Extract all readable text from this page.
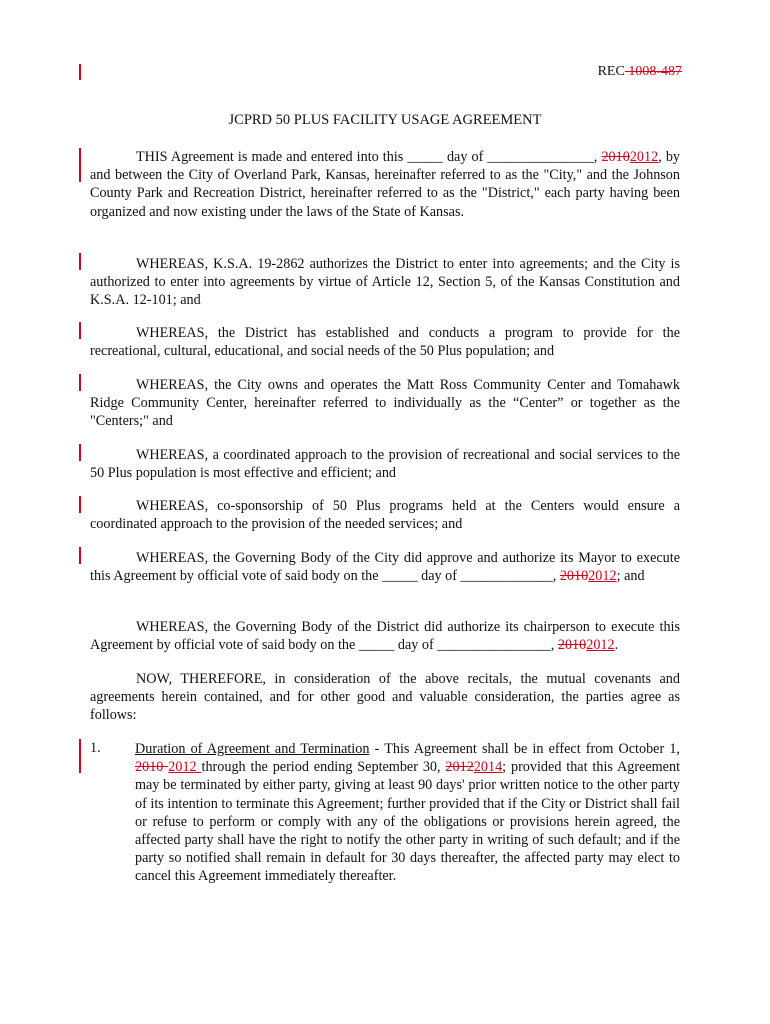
REC 1008-487
JCPRD 50 PLUS FACILITY USAGE AGREEMENT
THIS Agreement is made and entered into this _____ day of _______________, 20102012, by and between the City of Overland Park, Kansas, hereinafter referred to as the "City," and the Johnson County Park and Recreation District, hereinafter referred to as the "District," each party having been organized and now existing under the laws of the State of Kansas.
WHEREAS, K.S.A. 19-2862 authorizes the District to enter into agreements; and the City is authorized to enter into agreements by virtue of Article 12, Section 5, of the Kansas Constitution and K.S.A. 12-101; and
WHEREAS, the District has established and conducts a program to provide for the recreational, cultural, educational, and social needs of the 50 Plus population; and
WHEREAS, the City owns and operates the Matt Ross Community Center and Tomahawk Ridge Community Center, hereinafter referred to individually as the “Center” or together as the "Centers;" and
WHEREAS, a coordinated approach to the provision of recreational and social services to the 50 Plus population is most effective and efficient; and
WHEREAS, co-sponsorship of 50 Plus programs held at the Centers would ensure a coordinated approach to the provision of the needed services; and
WHEREAS, the Governing Body of the City did approve and authorize its Mayor to execute this Agreement by official vote of said body on the _____ day of _____________, 20102012; and
WHEREAS, the Governing Body of the District did authorize its chairperson to execute this Agreement by official vote of said body on the _____ day of ________________, 20102012.
NOW, THEREFORE, in consideration of the above recitals, the mutual covenants and agreements herein contained, and for other good and valuable consideration, the parties agree as follows:
1. Duration of Agreement and Termination - This Agreement shall be in effect from October 1, 2010 2012 through the period ending September 30, 20122014; provided that this Agreement may be terminated by either party, giving at least 90 days' prior written notice to the other party of its intention to terminate this Agreement; further provided that if the City or District shall fail or refuse to perform or comply with any of the obligations or provisions herein agreed, the affected party shall have the right to notify the other party in writing of such default; and if the party so notified shall remain in default for 30 days thereafter, the affected party may elect to cancel this Agreement immediately thereafter.
